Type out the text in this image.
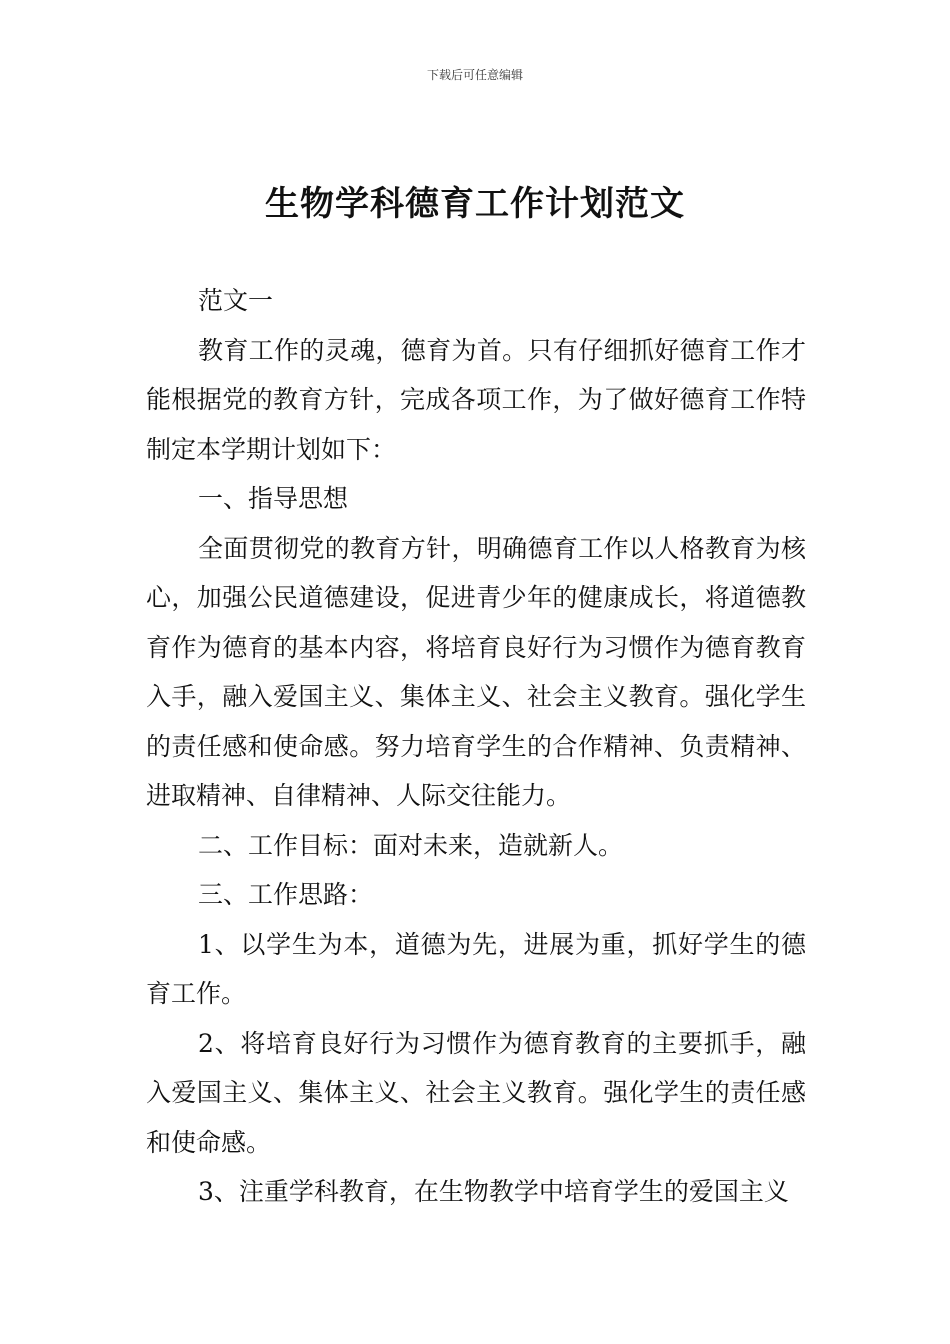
下载后可任意编辑
生物学科德育工作计划范文

范文一

教育工作的灵魂，德育为首。只有仔细抓好德育工作才能根据党的教育方针，完成各项工作，为了做好德育工作特制定本学期计划如下：

一、指导思想

全面贯彻党的教育方针，明确德育工作以人格教育为核心，加强公民道德建设，促进青少年的健康成长，将道德教育作为德育的基本内容，将培育良好行为习惯作为德育教育入手，融入爱国主义、集体主义、社会主义教育。强化学生的责任感和使命感。努力培育学生的合作精神、负责精神、进取精神、自律精神、人际交往能力。

二、工作目标：面对未来，造就新人。

三、工作思路：

1、以学生为本，道德为先，进展为重，抓好学生的德育工作。

2、将培育良好行为习惯作为德育教育的主要抓手，融入爱国主义、集体主义、社会主义教育。强化学生的责任感和使命感。

3、注重学科教育，在生物教学中培育学生的爱国主义
